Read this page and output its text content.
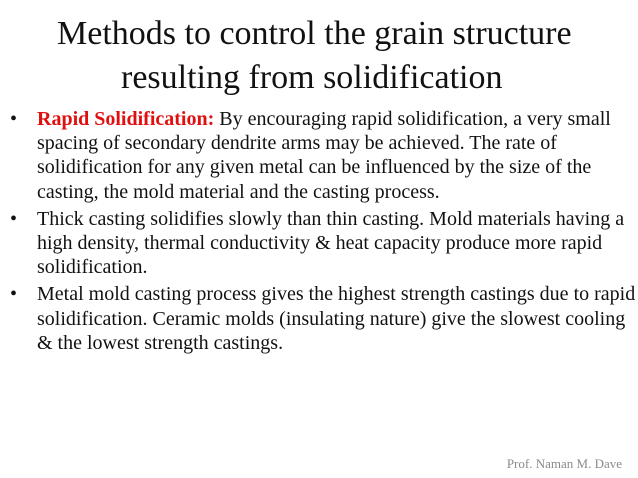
Methods to control the grain structure
resulting from solidification
• Rapid Solidification: By encouraging rapid solidification, a very small spacing of secondary dendrite arms may be achieved. The rate of solidification for any given metal can be influenced by the size of the casting, the mold material and the casting process.
• Thick casting solidifies slowly than thin casting. Mold materials having a high density, thermal conductivity & heat capacity produce more rapid solidification.
• Metal mold casting process gives the highest strength castings due to rapid solidification. Ceramic molds (insulating nature) give the slowest cooling & the lowest strength castings.
Prof. Naman M. Dave
